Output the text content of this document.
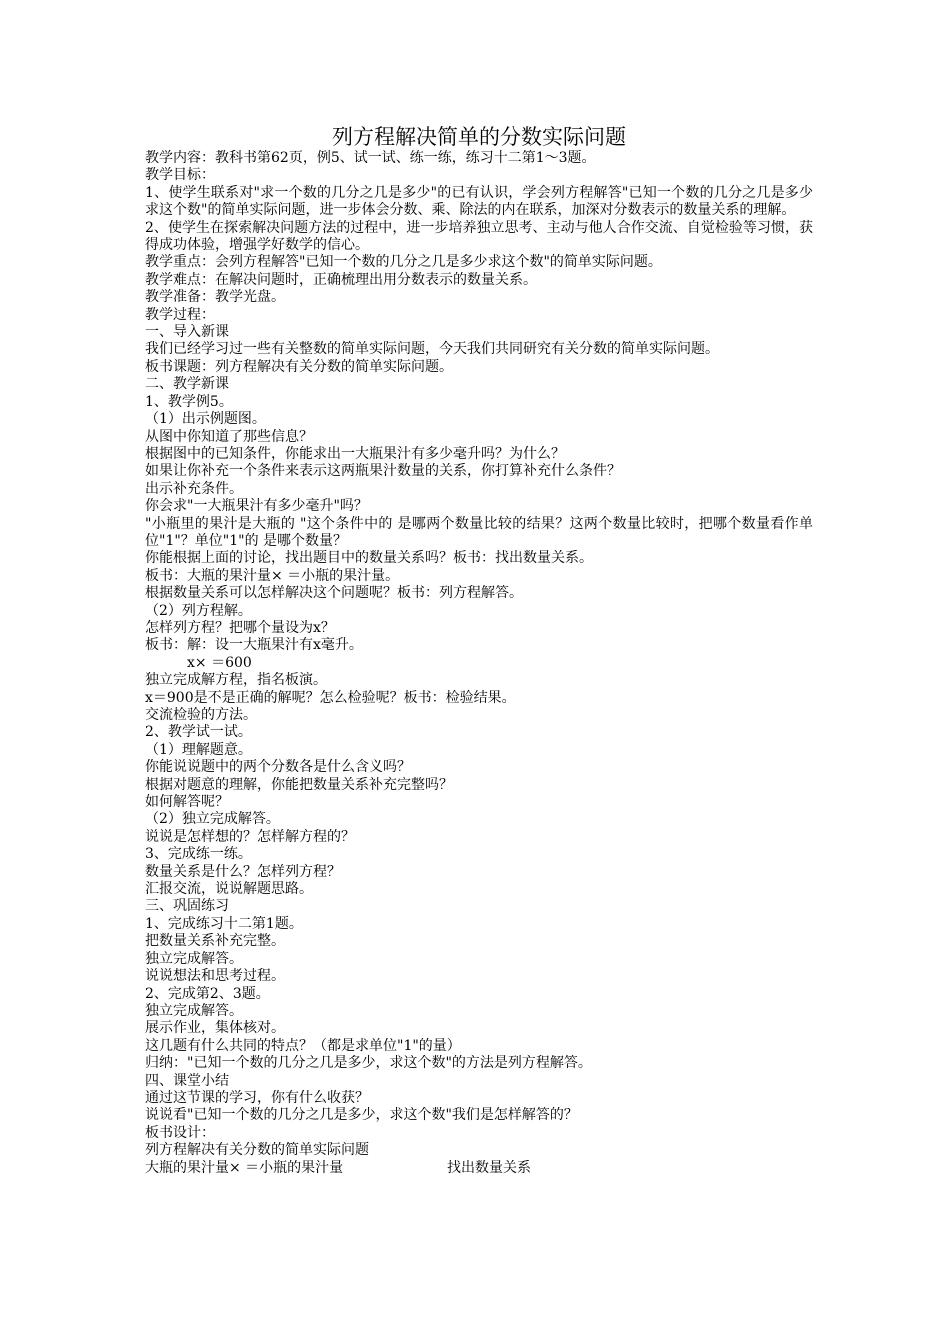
列方程解决简单的分数实际问题

教学内容：教科书第62页，例5、试一试、练一练，练习十二第1～3题。

教学目标：

1、使学生联系对"求一个数的几分之几是多少"的已有认识，学会列方程解答"已知一个数的几分之几是多少求这个数"的简单实际问题，进一步体会分数、乘、除法的内在联系，加深对分数表示的数量关系的理解。

2、使学生在探索解决问题方法的过程中，进一步培养独立思考、主动与他人合作交流、自觉检验等习惯，获得成功体验，增强学好数学的信心。

教学重点：会列方程解答"已知一个数的几分之几是多少求这个数"的简单实际问题。

教学难点：在解决问题时，正确梳理出用分数表示的数量关系。

教学准备：教学光盘。

教学过程：

一、导入新课

我们已经学习过一些有关整数的简单实际问题，今天我们共同研究有关分数的简单实际问题。

板书课题：列方程解决有关分数的简单实际问题。

二、教学新课

1、教学例5。

（1）出示例题图。

从图中你知道了那些信息？

根据图中的已知条件，你能求出一大瓶果汁有多少毫升吗？为什么？

如果让你补充一个条件来表示这两瓶果汁数量的关系，你打算补充什么条件？

出示补充条件。

你会求"一大瓶果汁有多少毫升"吗？

"小瓶里的果汁是大瓶的 "这个条件中的 是哪两个数量比较的结果？这两个数量比较时，把哪个数量看作单位"1"？单位"1"的 是哪个数量？

你能根据上面的讨论，找出题目中的数量关系吗？板书：找出数量关系。

板书：大瓶的果汁量× ＝小瓶的果汁量。

根据数量关系可以怎样解决这个问题呢？板书：列方程解答。

（2）列方程解。

怎样列方程？把哪个量设为x？

板书：解：设一大瓶果汁有x毫升。

x× ＝600

独立完成解方程，指名板演。

x＝900是不是正确的解呢？怎么检验呢？板书：检验结果。

交流检验的方法。

2、教学试一试。

（1）理解题意。

你能说说题中的两个分数各是什么含义吗？

根据对题意的理解，你能把数量关系补充完整吗？

如何解答呢？

（2）独立完成解答。

说说是怎样想的？怎样解方程的？

3、完成练一练。

数量关系是什么？怎样列方程？

汇报交流，说说解题思路。

三、巩固练习

1、完成练习十二第1题。

把数量关系补充完整。

独立完成解答。

说说想法和思考过程。

2、完成第2、3题。

独立完成解答。

展示作业，集体核对。

这几题有什么共同的特点？（都是求单位"1"的量）

归纳："已知一个数的几分之几是多少，求这个数"的方法是列方程解答。

四、课堂小结

通过这节课的学习，你有什么收获？

说说看"已知一个数的几分之几是多少，求这个数"我们是怎样解答的？

板书设计：

列方程解决有关分数的简单实际问题

大瓶的果汁量× ＝小瓶的果汁量	找出数量关系
